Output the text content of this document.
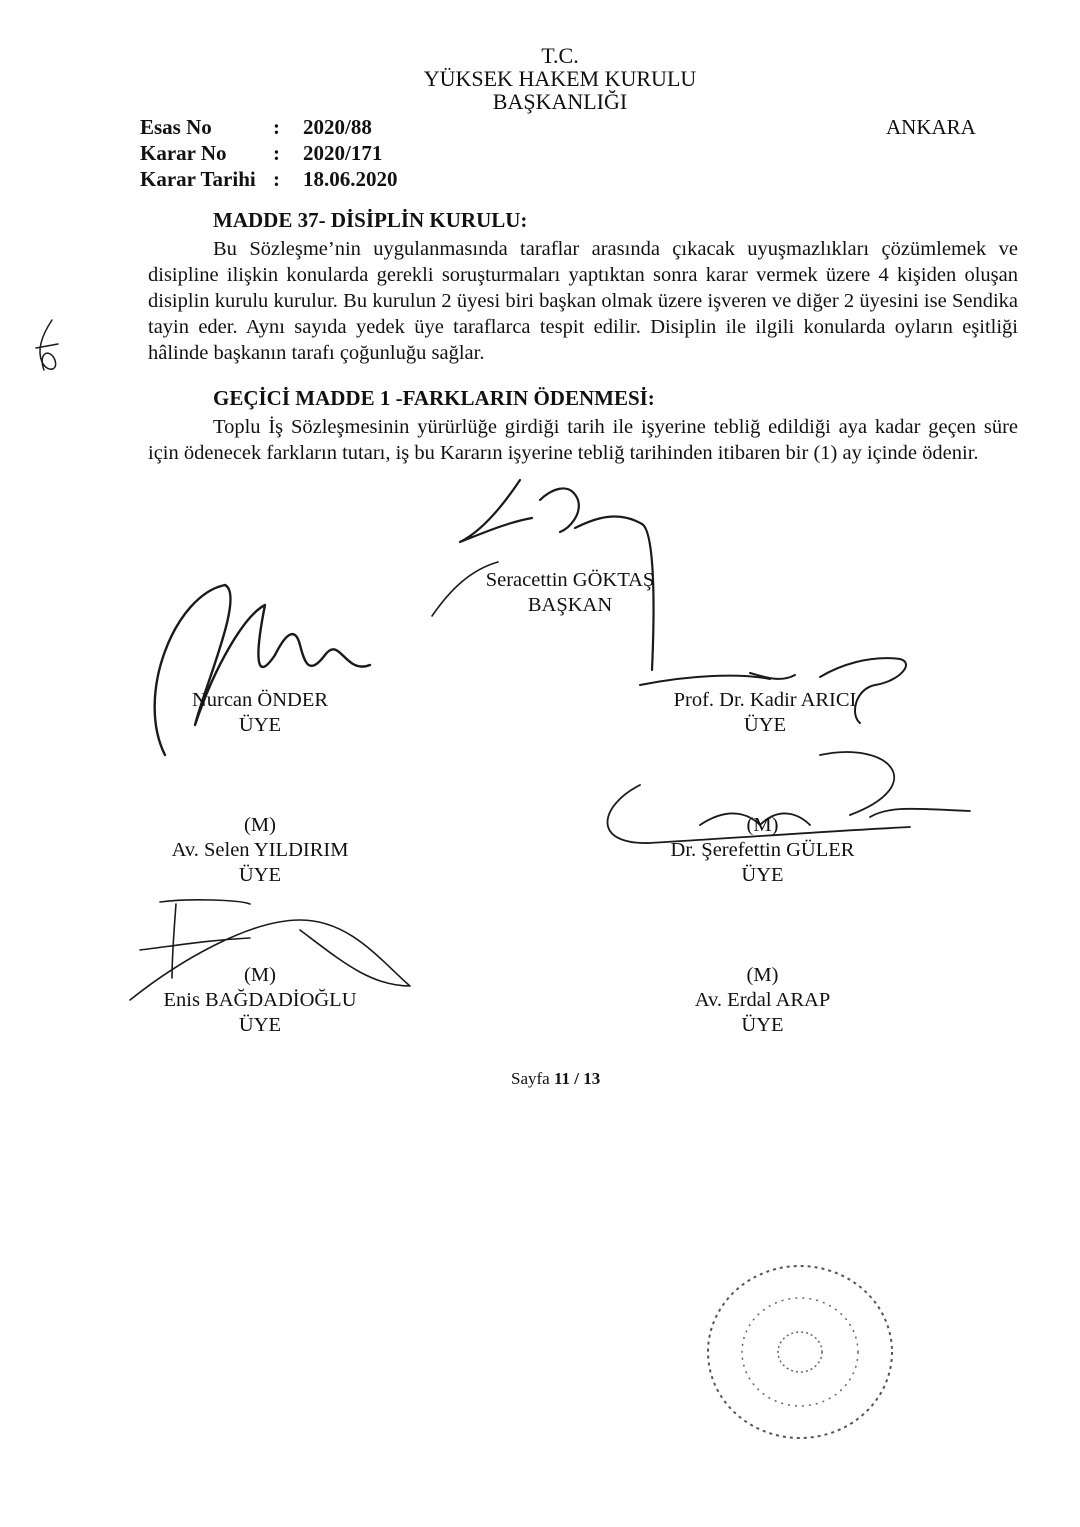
T.C.
YÜKSEK HAKEM KURULU
BAŞKANLIĞI
ANKARA
Esas No	: 2020/88
Karar No : 2020/171
Karar Tarihi : 18.06.2020
MADDE 37- DİSİPLİN KURULU:
Bu Sözleşme’nin uygulanmasında taraflar arasında çıkacak uyuşmazlıkları çözümlemek ve disipline ilişkin konularda gerekli soruşturmaları yaptıktan sonra karar vermek üzere 4 kişiden oluşan disiplin kurulu kurulur. Bu kurulun 2 üyesi biri başkan olmak üzere işveren ve diğer 2 üyesini ise Sendika tayin eder. Aynı sayıda yedek üye taraflarca tespit edilir. Disiplin ile ilgili konularda oyların eşitliği hâlinde başkanın tarafı çoğunluğu sağlar.
GEÇİCİ MADDE 1 -FARKLARIN ÖDENMESİ:
Toplu İş Sözleşmesinin yürürlüğe girdiği tarih ile işyerine tebliğ edildiği aya kadar geçen süre için ödenecek farkların tutarı, iş bu Kararın işyerine tebliğ tarihinden itibaren bir (1) ay içinde ödenir.
Seracettin GÖKTAŞ
BAŞKAN
Nurcan ÖNDER
ÜYE
Prof. Dr. Kadir ARICI
ÜYE
(M)
Av. Selen YILDIRIM
ÜYE
(M)
Dr. Şerefettin GÜLER
ÜYE
(M)
Enis BAĞDADİOĞLU
ÜYE
(M)
Av. Erdal ARAP
ÜYE
Sayfa 11 / 13
